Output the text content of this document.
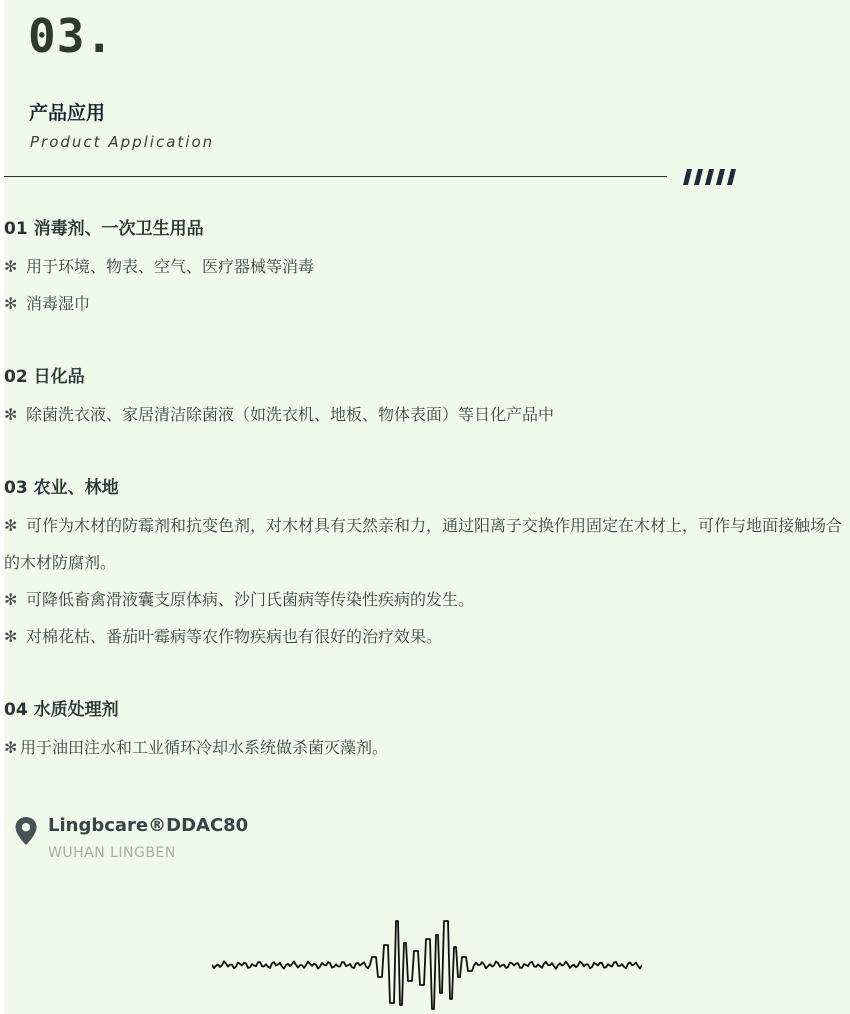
03.
产品应用

Product Application

01 消毒剂、一次卫生用品

✻ 用于环境、物表、空气、医疗器械等消毒

✻ 消毒湿巾

02 日化品

✻ 除菌洗衣液、家居清洁除菌液（如洗衣机、地板、物体表面）等日化产品中

03 农业、林地

✻ 可作为木材的防霉剂和抗变色剂，对木材具有天然亲和力，通过阳离子交换作用固定在木材上，可作与地面接触场合的木材防腐剂。

✻ 可降低畜禽滑液囊支原体病、沙门氏菌病等传染性疾病的发生。

✻ 对棉花枯、番茄叶霉病等农作物疾病也有很好的治疗效果。

04 水质处理剂

✻ 用于油田注水和工业循环冷却水系统做杀菌灭藻剂。

Lingbcare®DDAC80

WUHAN LINGBEN
